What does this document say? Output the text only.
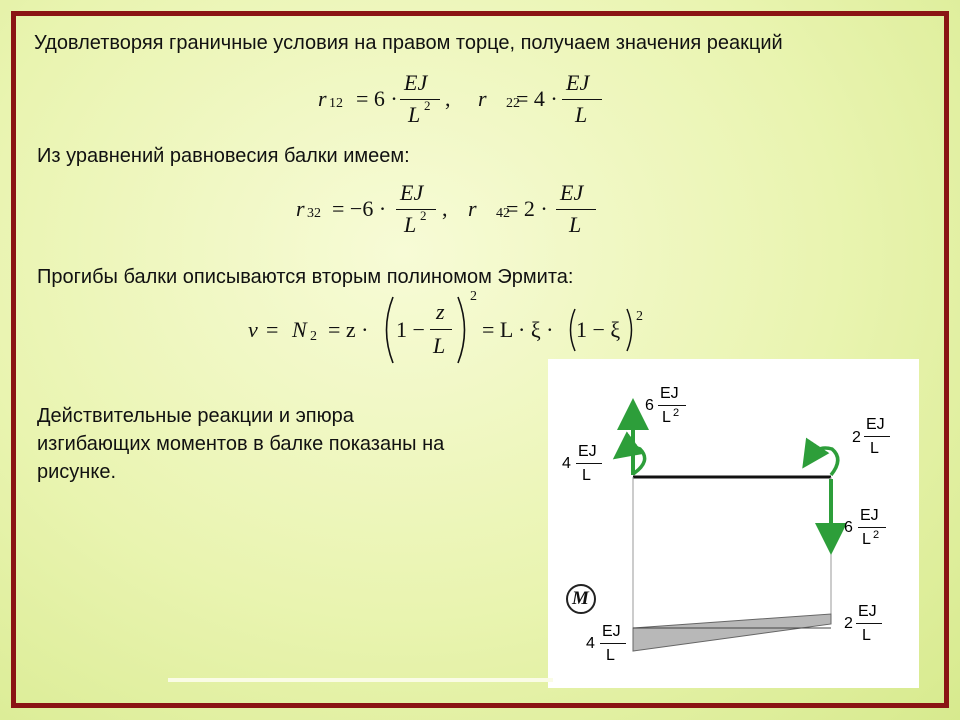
Удовлетворяя граничные условия на правом торце, получаем значения реакций
r 12 = 6 ·
EJ
L 2 , r 22
= 4 ·
EJ
L
Из уравнений равновесия балки имеем:
r 32 = −6 ·
EJ
L 2 , r 42
= 2 ·
EJ
L
Прогибы балки описываются вторым полиномом Эрмита:
v = N 2 = z · 1 −
z
L
2
= L · ξ · 1 − ξ
2
Действительные реакции и эпюра
изгибающих моментов в балке показаны на
рисунке.
M
4
EJ
L
6
EJ
L 2
2
EJ
L
6
EJ
L 2
4
EJ
L
2
EJ
L
